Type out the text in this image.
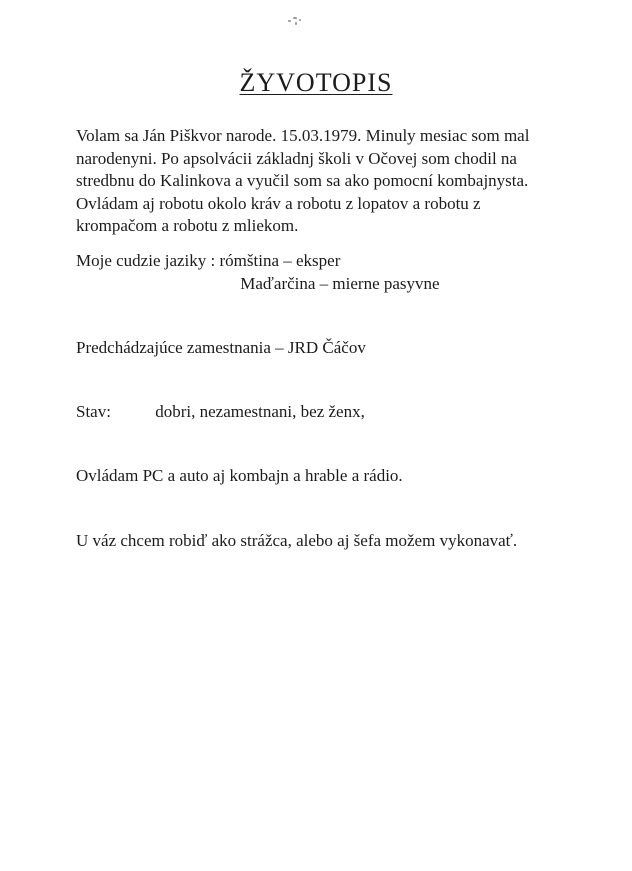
ŽYVOTOPIS

Volam sa Ján Piškvor narode. 15.03.1979. Minuly mesiac som mal narodenyni. Po apsolvácii základnj školi v Očovej som chodil na stredbnu do Kalinkova a vyučil som sa ako pomocní kombajnysta. Ovládam aj robotu okolo kráv a robotu z lopatov a robotu z krompačom a robotu z mliekom.

Moje cudzie jaziky : rómština – eksper
Maďarčina – mierne pasyvne

Predchádzajúce zamestnania – JRD Čáčov

Stav:	dobri, nezamestnani, bez ženx,

Ovládam PC a auto aj kombajn a hrable a rádio.

U váz chcem robiď ako strážca, alebo aj šefa možem vykonavať.
